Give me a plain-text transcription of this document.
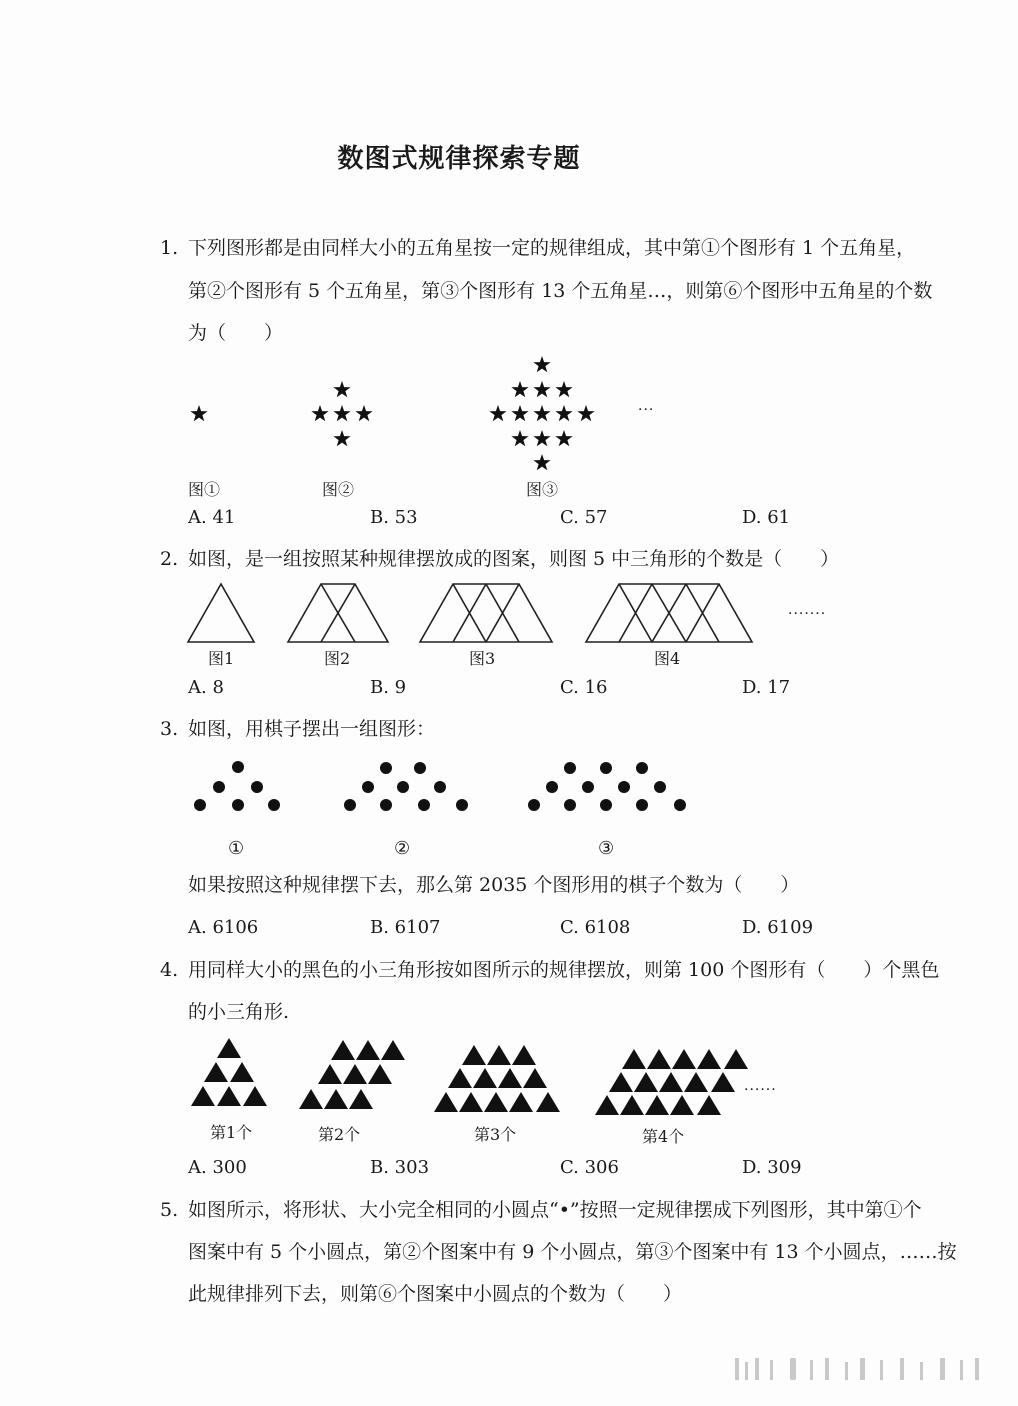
数图式规律探索专题
1. 下列图形都是由同样大小的五角星按一定的规律组成，其中第①个图形有 1 个五角星，
第②个图形有 5 个五角星，第③个图形有 13 个五角星…，则第⑥个图形中五角星的个数
为（　　）
图①	图②	图③
···
A. 41	B. 53	C. 57	D. 61
2. 如图，是一组按照某种规律摆放成的图案，则图 5 中三角形的个数是（　　）
图1	图2	图3	图4
·······
A. 8	B. 9	C. 16	D. 17
3. 如图，用棋子摆出一组图形：
①	②	③
如果按照这种规律摆下去，那么第 2035 个图形用的棋子个数为（　　）
A. 6106	B. 6107	C. 6108	D. 6109
4. 用同样大小的黑色的小三角形按如图所示的规律摆放，则第 100 个图形有（　　）个黑色
的小三角形.
第1个	第2个	第3个	第4个
······
A. 300	B. 303	C. 306	D. 309
5. 如图所示，将形状、大小完全相同的小圆点“•”按照一定规律摆成下列图形，其中第①个
图案中有 5 个小圆点，第②个图案中有 9 个小圆点，第③个图案中有 13 个小圆点，……按
此规律排列下去，则第⑥个图案中小圆点的个数为（　　）
